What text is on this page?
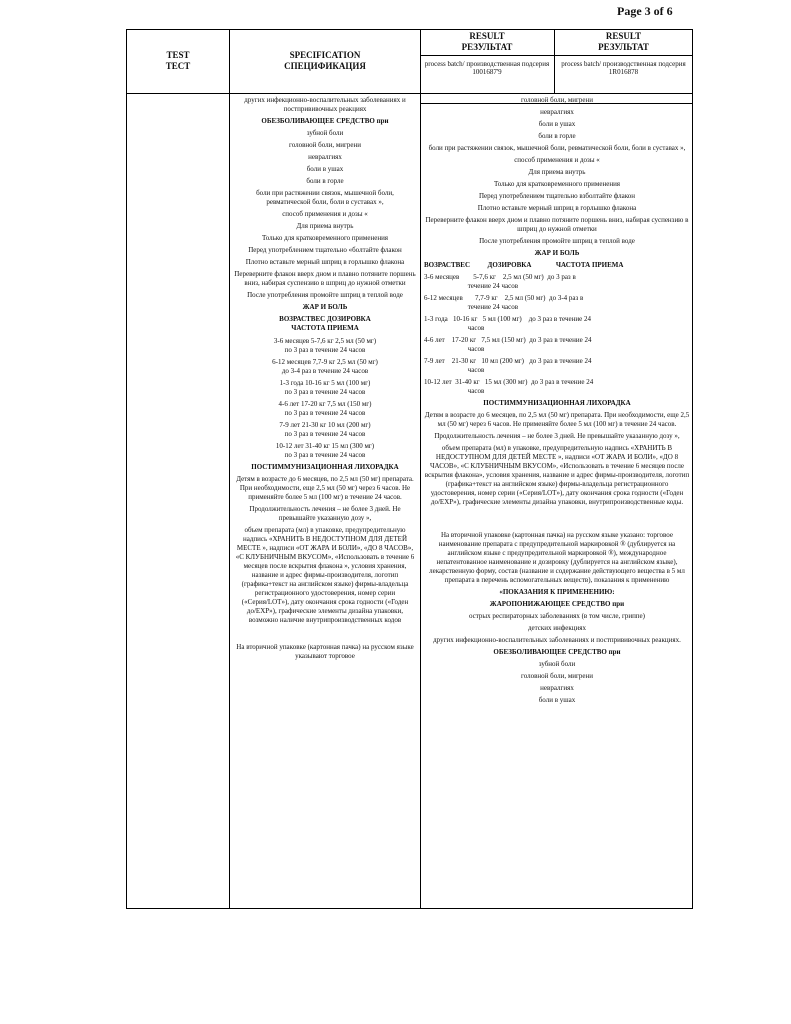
Page 3 of 6
TEST
ТЕСТ
SPECIFICATION
СПЕЦИФИКАЦИЯ
RESULT
РЕЗУЛЬТАТ
RESULT
РЕЗУЛЬТАТ
process batch/ производственная подсерия
1001687'9
process batch/ производственная подсерия
1R016878

других инфекционно-воспалительных заболеваниях и постпрививочных реакциях

ОБЕЗБОЛИВАЮЩЕЕ СРЕДСТВО при

зубной боли

головной боли, мигрени

невралгиях

боли в ушах

боли в горле

боли при растяжении связок, мышечной боли, ревматической боли, боли в суставах »,

способ применения и дозы «

Для приема внутрь

Только для кратковременного применения

Перед употреблением тщательно «болтайте флакон

Плотно вставьте мерный шприц в горлышко флакона

Переверните флакон вверх дном и плавно потяните поршень вниз, набирая суспензию в шприц до нужной отметки

После употребления промойте шприц в теплой воде

ЖАР И БОЛЬ

ВОЗРАСТВЕС ДОЗИРОВКА
ЧАСТОТА ПРИЕМА

3-6 месяцев 5-7,6 кг 2,5 мл (50 мг)
по 3 раз в течение 24 часов

6-12 месяцев 7,7-9 кг 2,5 мл (50 мг)
до 3-4 раз в течение 24 часов

1-3 года 10-16 кг 5 мл (100 мг)
по 3 раз в течение 24 часов

4-6 лет 17-20 кг 7,5 мл (150 мг)
по 3 раз в течение 24 часов

7-9 лет 21-30 кг 10 мл (200 мг)
по 3 раз в течение 24 часов

10-12 лет 31-40 кг 15 мл (300 мг)
по 3 раз в течение 24 часов

ПОСТИММУНИЗАЦИОННАЯ ЛИХОРАДКА

Детям в возрасте до 6 месяцев, по 2,5 мл (50 мг) препарата. При необходимости, еще 2,5 мл (50 мг) через 6 часов. Не применяйте более 5 мл (100 мг) в течение 24 часов.

Продолжительность лечения – не более 3 дней. Не превышайте указанную дозу »,

объем препарата (мл) в упаковке, предупредительную надпись «ХРАНИТЬ В НЕДОСТУПНОМ ДЛЯ ДЕТЕЙ МЕСТЕ », надписи «ОТ ЖАРА И БОЛИ», «ДО 8 ЧАСОВ», «С КЛУБНИЧНЫМ ВКУСОМ», «Использовать в течение 6 месяцев после вскрытия флакона », условия хранения, название и адрес фирмы-производителя, логотип (графика+текст на английском языке) фирмы-владельца регистрационного удостоверения, номер серии («Серия/LOT»), дату окончания срока годности («Годен до/EXP»), графические элементы дизайна упаковки, возможно наличие внутрипроизводственных кодов

На вторичной упаковке (картонная пачка) на русском языке указывают торговое

головной боли, мигрени

невралгиях

боли в ушах

боли в горле

боли при растяжении связок, мышечной боли, ревматической боли, боли в суставах »,

способ применения и дозы «

Для приема внутрь

Только для кратковременного применения

Перед употреблением тщательно взболтайте флакон

Плотно вставьте мерный шприц в горлышко флакона

Переверните флакон вверх дном и плавно потяните поршень вниз, набирая суспензию в шприц до нужной отметки

После употребления промойте шприц в теплой воде

ЖАР И БОЛЬ

ВОЗРАСТВЕС          ДОЗИРОВКА              ЧАСТОТА ПРИЕМА

3-6 месяцев        5-7,6 кг    2,5 мл (50 мг) до 3 раз в
течение 24 часов

6-12 месяцев       7,7-9 кг    2,5 мл (50 мг) до 3-4 раз в
течение 24 часов

1-3 года   10-16 кг   5 мл (100 мг) до 3 раз в течение 24
часов

4-6 лет    17-20 кг   7,5 мл (150 мг) до 3 раз в течение 24
часов

7-9 лет    21-30 кг   10 мл (200 мг) до 3 раз в течение 24
часов

10-12 лет  31-40 кг   15 мл (300 мг) до 3 раз в течение 24
часов

ПОСТИММУНИЗАЦИОННАЯ ЛИХОРАДКА

Детям в возрасте до 6 месяцев, по 2,5 мл (50 мг) препарата. При необходимости, еще 2,5 мл (50 мг) через 6 часов. Не применяйте более 5 мл (100 мг) в течение 24 часов.

Продолжительность лечения – не более 3 дней. Не превышайте указанную дозу »,

объем препарата (мл) в упаковке, предупредительную надпись «ХРАНИТЬ В НЕДОСТУПНОМ ДЛЯ ДЕТЕЙ МЕСТЕ », надписи «ОТ ЖАРА И БОЛИ», «ДО 8 ЧАСОВ», «С КЛУБНИЧНЫМ ВКУСОМ», «Использовать в течение 6 месяцев после вскрытия флакона», условия хранения, название и адрес фирмы-производителя, логотип (графика+текст на английском языке) фирмы-владельца регистрационного удостоверения, номер серии («Серия/LOT»), дату окончания срока годности («Годен до/EXP»), графические элементы дизайна упаковки, внутрипроизводственные коды.

На вторичной упаковке (картонная пачка) на русском языке указано: торговое наименование препарата с предупредительной маркировкой ® (дублируется на английском языке с предупредительной маркировкой ®), международное непатентованное наименование и дозировку (дублируется на английском языке), лекарственную форму, состав (название и содержание действующего вещества в 5 мл препарата в перечень вспомогательных веществ), показания к применению

«ПОКАЗАНИЯ К ПРИМЕНЕНИЮ:

ЖАРОПОНИЖАЮЩЕЕ СРЕДСТВО при

острых респираторных заболеваниях (в том числе, гриппе)

детских инфекциях

других инфекционно-воспалительных заболеваниях и постпрививочных реакциях.

ОБЕЗБОЛИВАЮЩЕЕ СРЕДСТВО при

зубной боли

головной боли, мигрени

невралгиях

боли в ушах
